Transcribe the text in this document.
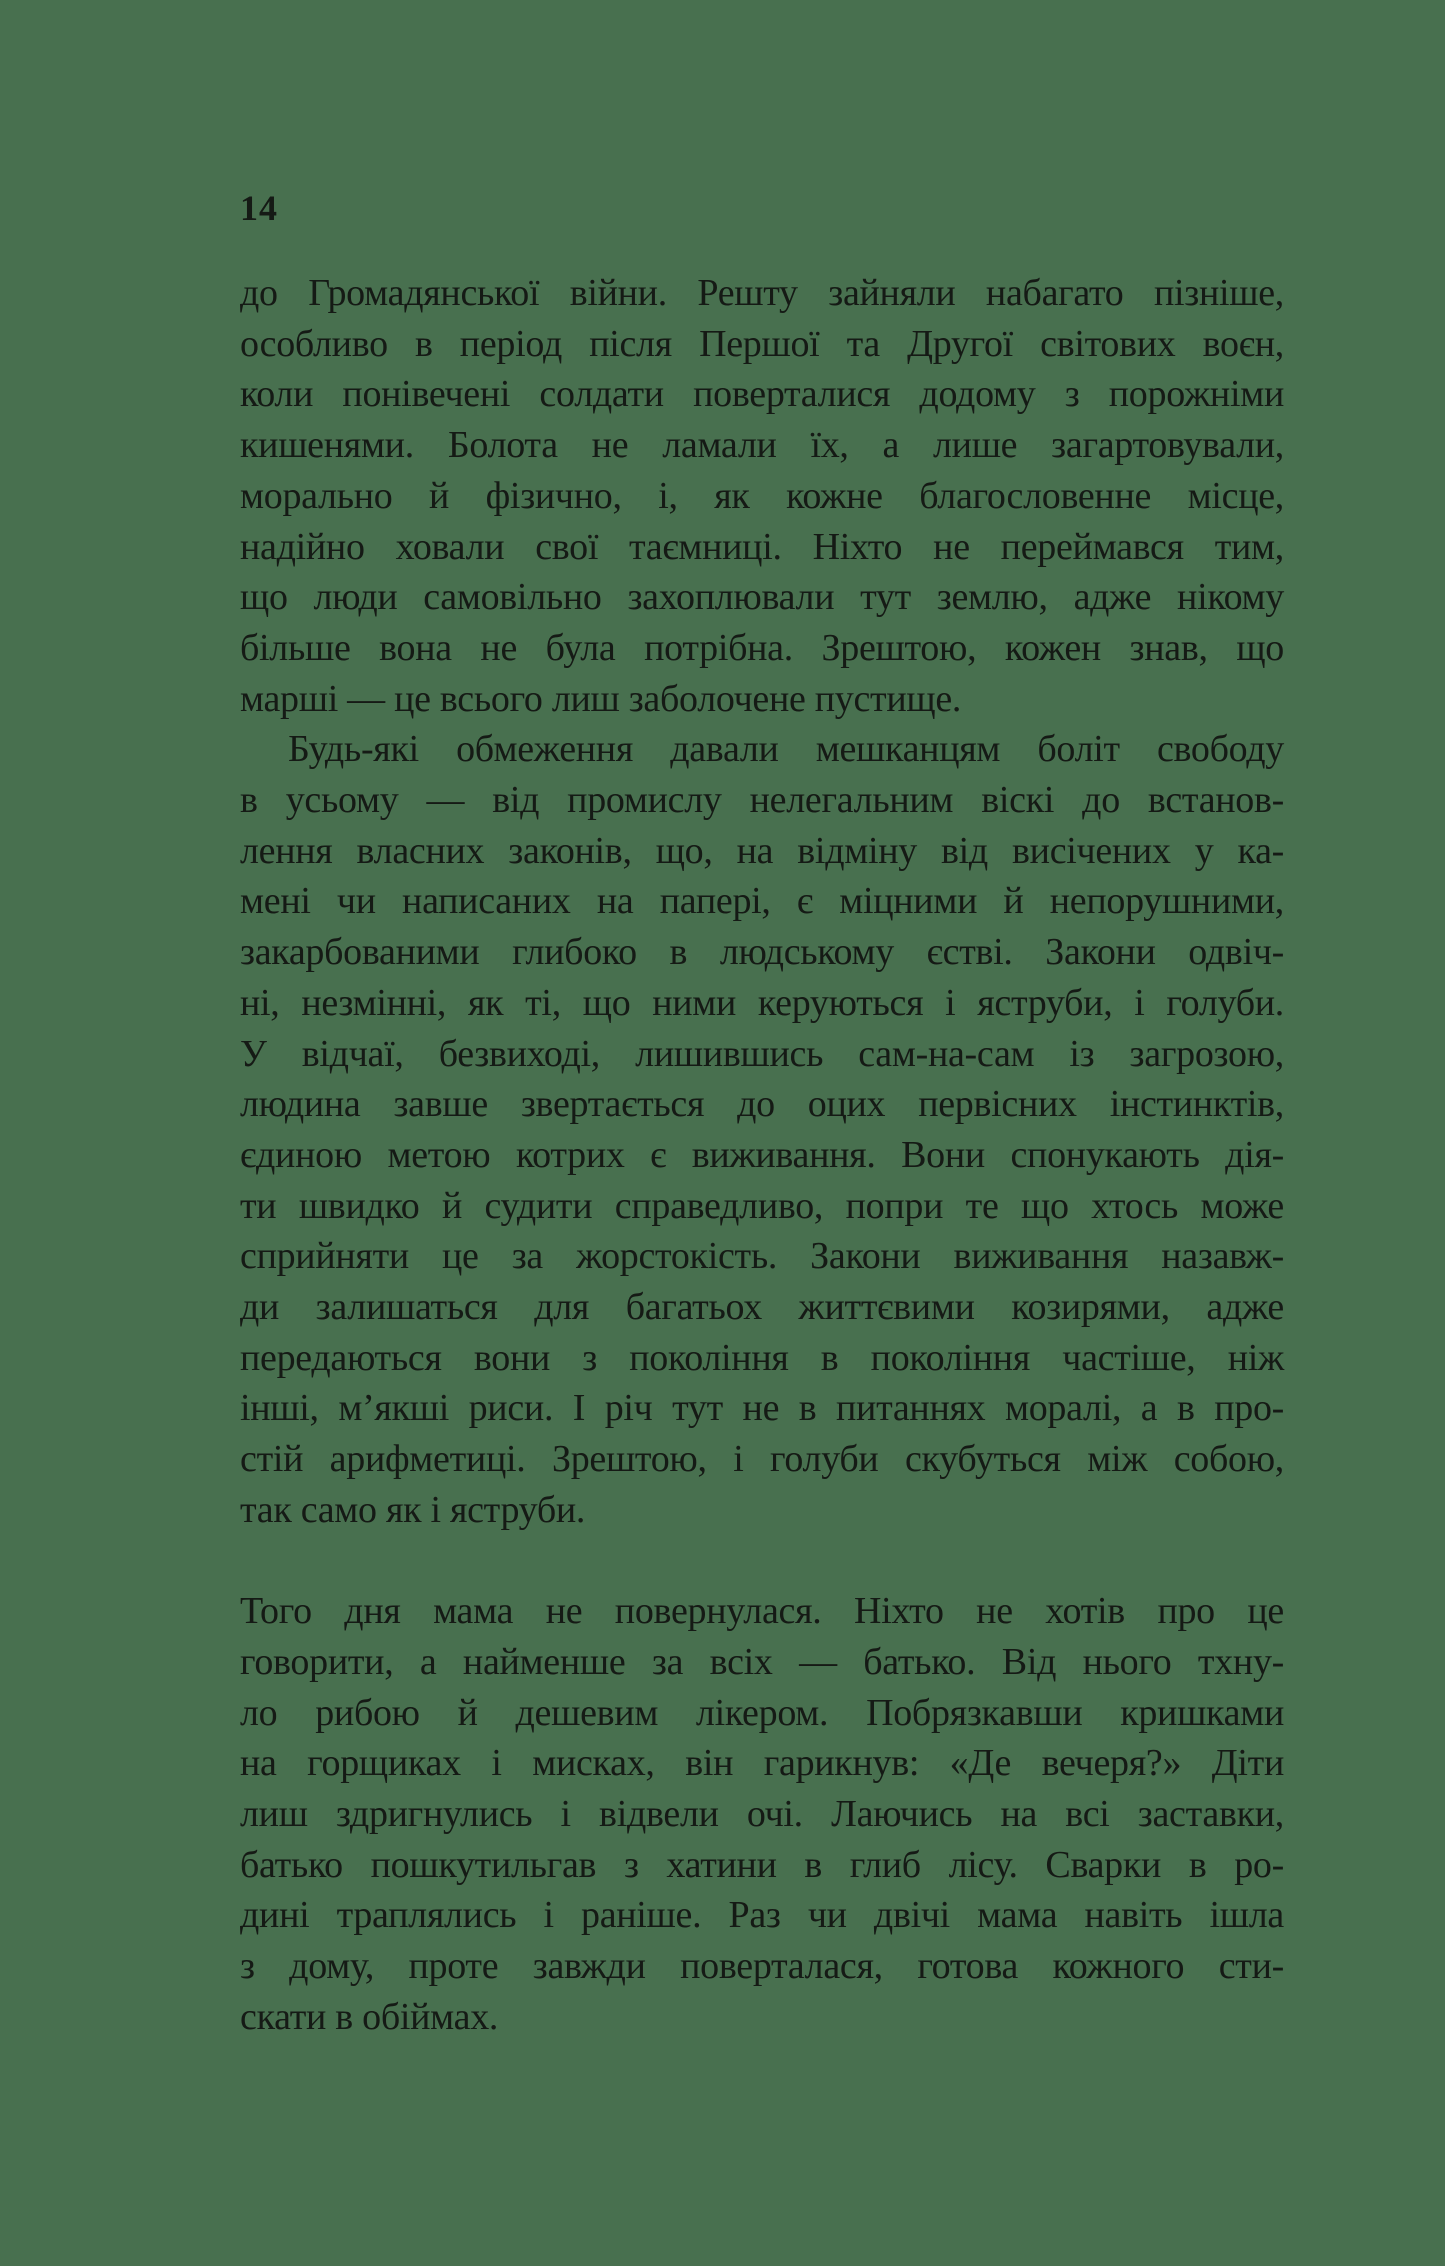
14

до Громадянської війни. Решту зайняли набагато пізніше,
особливо в період після Першої та Другої світових воєн,
коли понівечені солдати поверталися додому з порожніми
кишенями. Болота не ламали їх, а лише загартовували,
морально й фізично, і, як кожне благословенне місце,
надійно ховали свої таємниці. Ніхто не переймався тим,
що люди самовільно захоплювали тут землю, адже нікому
більше вона не була потрібна. Зрештою, кожен знав, що
марші — це всього лиш заболочене пустище.

Будь-які обмеження давали мешканцям боліт свободу
в усьому — від промислу нелегальним віскі до встанов-
лення власних законів, що, на відміну від висічених у ка-
мені чи написаних на папері, є міцними й непорушними,
закарбованими глибоко в людському єстві. Закони одвіч-
ні, незмінні, як ті, що ними керуються і яструби, і голуби.
У відчаї, безвиході, лишившись сам-на-сам із загрозою,
людина завше звертається до оцих первісних інстинктів,
єдиною метою котрих є виживання. Вони спонукають дія-
ти швидко й судити справедливо, попри те що хтось може
сприйняти це за жорстокість. Закони виживання назавж-
ди залишаться для багатьох життєвими козирями, адже
передаються вони з покоління в покоління частіше, ніж
інші, м’якші риси. І річ тут не в питаннях моралі, а в про-
стій арифметиці. Зрештою, і голуби скубуться між собою,
так само як і яструби.

Того дня мама не повернулася. Ніхто не хотів про це
говорити, а найменше за всіх — батько. Від нього тхну-
ло рибою й дешевим лікером. Побрязкавши кришками
на горщиках і мисках, він гарикнув: «Де вечеря?» Діти
лиш здригнулись і відвели очі. Лаючись на всі заставки,
батько пошкутильгав з хатини в глиб лісу. Сварки в ро-
дині траплялись і раніше. Раз чи двічі мама навіть ішла
з дому, проте завжди поверталася, готова кожного сти-
скати в обіймах.
